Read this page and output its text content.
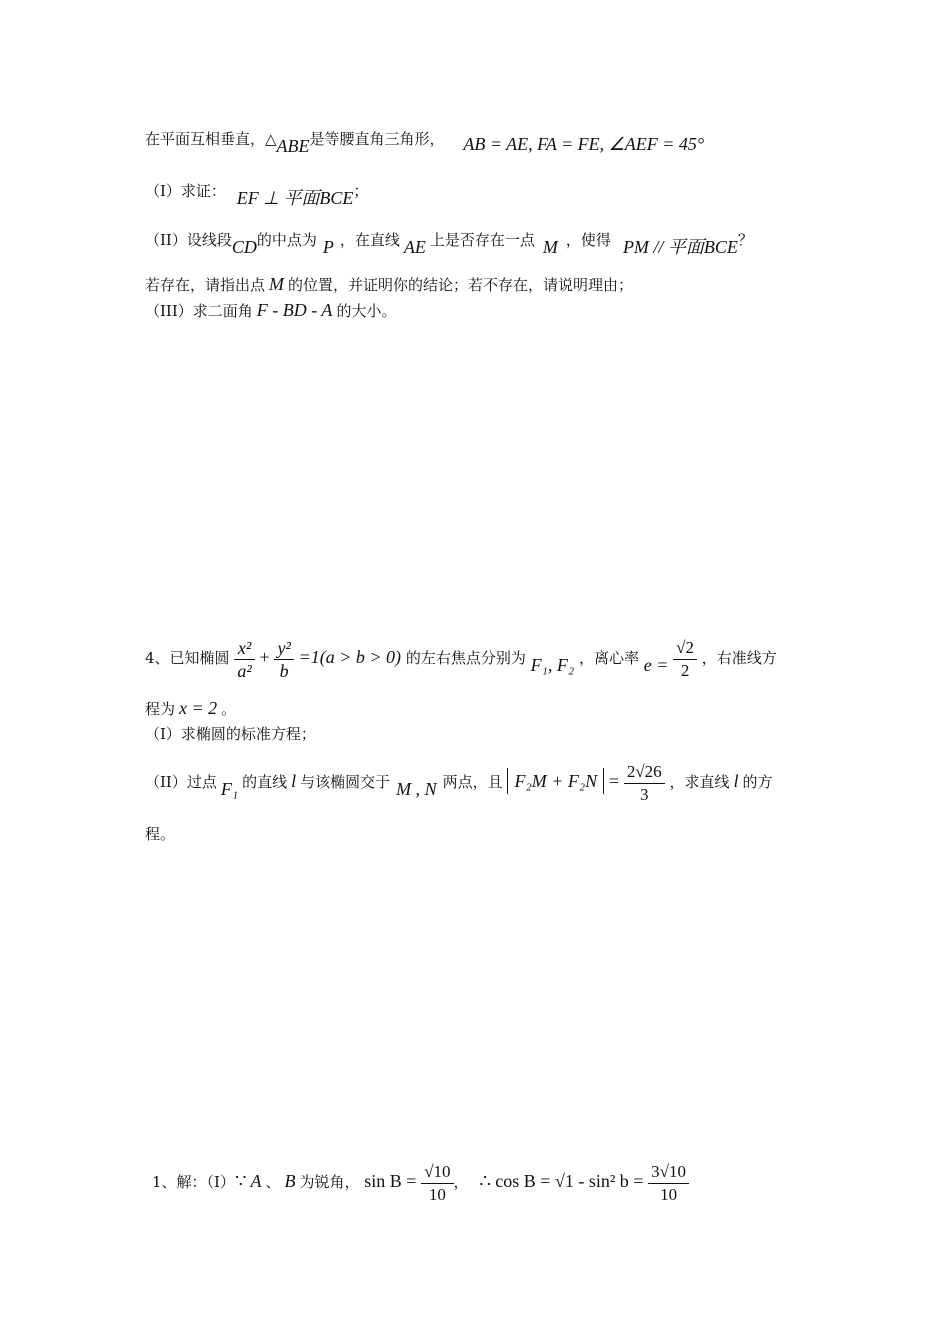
在平面互相垂直，△ABE是等腰直角三角形， AB = AE, FA = FE, ∠AEF = 45°
（I）求证： EF ⊥ 平面BCE；
（II）设线段CD的中点为 P ，在直线 AE 上是否存在一点 M ，使得 PM // 平面BCE？
若存在，请指出点 M 的位置，并证明你的结论；若不存在，请说明理由；
（III）求二面角 F - BD - A 的大小。
4、已知椭圆 $\frac{\text{x²}}{\text{a²}} + \frac{\text{y²}}{b} =1(a > b > 0)$ 的左右焦点分别为 F₁, F₂ ，离心率 $e = \frac{√2}{2}$ ，右准线方
程为 x = 2 。
（I）求椭圆的标准方程；
（II）过点 F₁ 的直线 l 与该椭圆交于 M , N 两点，且 $F_2M + F_2N = \frac{2√26}{3}$ ，求直线 l 的方
程。
1、解：（Ⅰ）∵ A 、 B 为锐角， $\sin B = \frac{√10}{10}$ ， ∴ cos B = √1 - sin² $b = \frac{3√10}{10}$
